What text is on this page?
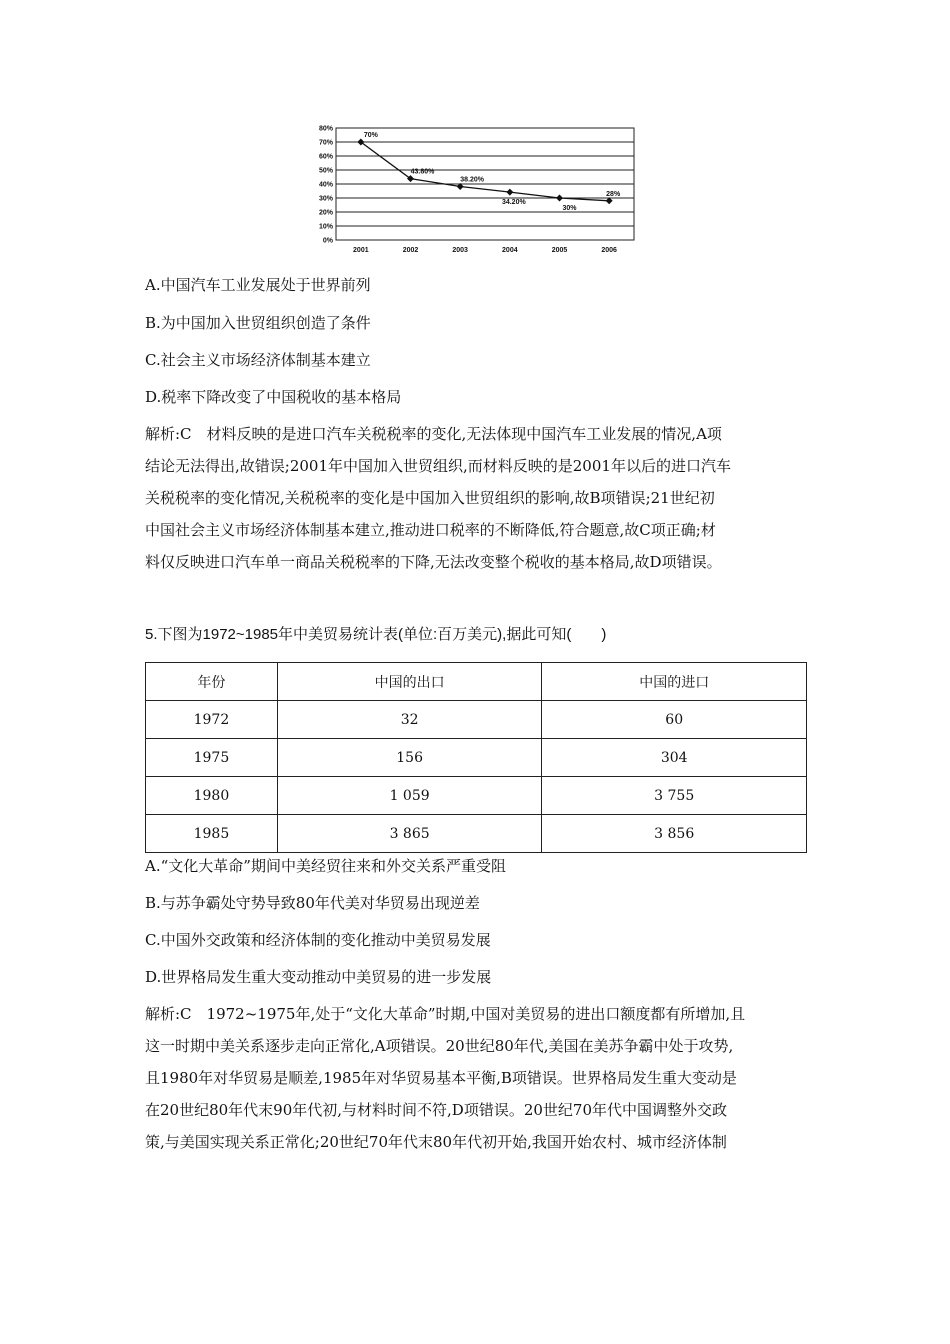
0%
10%
20%
30%
40%
50%
60%
70%
80%
2001	2002	2003	2004	2005	2006
70%
43.80%
38.20%
34.20%
30%
28%
A.中国汽车工业发展处于世界前列
B.为中国加入世贸组织创造了条件
C.社会主义市场经济体制基本建立
D.税率下降改变了中国税收的基本格局
解析:C　材料反映的是进口汽车关税税率的变化,无法体现中国汽车工业发展的情况,A项
结论无法得出,故错误;2001年中国加入世贸组织,而材料反映的是2001年以后的进口汽车
关税税率的变化情况,关税税率的变化是中国加入世贸组织的影响,故B项错误;21世纪初
中国社会主义市场经济体制基本建立,推动进口税率的不断降低,符合题意,故C项正确;材
料仅反映进口汽车单一商品关税税率的下降,无法改变整个税收的基本格局,故D项错误。
5.下图为1972~1985年中美贸易统计表(单位:百万美元),据此可知(　　)
年份	中国的出口	中国的进口
1972	32	60
1975	156	304
1980	1 059	3 755
1985	3 865	3 856
A.“文化大革命”期间中美经贸往来和外交关系严重受阻
B.与苏争霸处守势导致80年代美对华贸易出现逆差
C.中国外交政策和经济体制的变化推动中美贸易发展
D.世界格局发生重大变动推动中美贸易的进一步发展
解析:C　1972~1975年,处于“文化大革命”时期,中国对美贸易的进出口额度都有所增加,且
这一时期中美关系逐步走向正常化,A项错误。20世纪80年代,美国在美苏争霸中处于攻势,
且1980年对华贸易是顺差,1985年对华贸易基本平衡,B项错误。世界格局发生重大变动是
在20世纪80年代末90年代初,与材料时间不符,D项错误。20世纪70年代中国调整外交政
策,与美国实现关系正常化;20世纪70年代末80年代初开始,我国开始农村、城市经济体制
